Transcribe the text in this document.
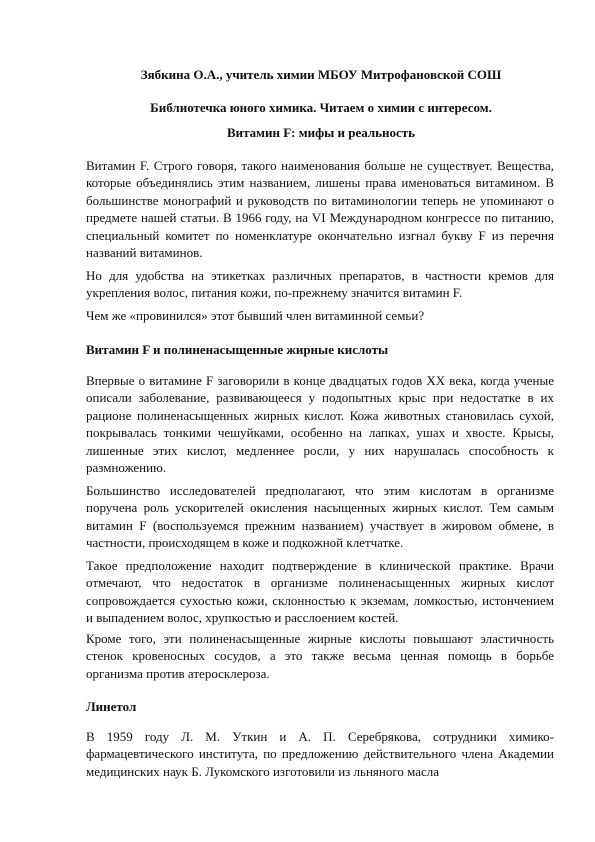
Зябкина О.А., учитель химии МБОУ Митрофановской СОШ
Библиотечка юного химика. Читаем о химии с интересом.
Витамин F: мифы и реальность

Витамин F. Строго говоря, такого наименования больше не существует. Вещества, которые объединялись этим названием, лишены права именоваться витамином. В большинстве монографий и руководств по витаминологии теперь не упоминают о предмете нашей статьи. В 1966 году, на VI Международном конгрессе по питанию, специальный комитет по номенклатуре окончательно изгнал букву F из перечня названий витаминов.

Но для удобства на этикетках различных препаратов, в частности кремов для укрепления волос, питания кожи, по-прежнему значится витамин F.

Чем же «провинился» этот бывший член витаминной семьи?

Витамин F и полиненасыщенные жирные кислоты

Впервые о витамине F заговорили в конце двадцатых годов XX века, когда ученые описали заболевание, развивающееся у подопытных крыс при недостатке в их рационе полиненасыщенных жирных кислот. Кожа животных становилась сухой, покрывалась тонкими чешуйками, особенно на лапках, ушах и хвосте. Крысы, лишенные этих кислот, медленнее росли, у них нарушалась способность к размножению.

Большинство исследователей предполагают, что этим кислотам в организме поручена роль ускорителей окисления насыщенных жирных кислот. Тем самым витамин F (воспользуемся прежним названием) участвует в жировом обмене, в частности, происходящем в коже и подкожной клетчатке.

Такое предположение находит подтверждение в клинической практике. Врачи отмечают, что недостаток в организме полиненасыщенных жирных кислот сопровождается сухостью кожи, склонностью к экземам, ломкостью, истончением и выпадением волос, хрупкостью и расслоением костей.

Кроме того, эти полиненасыщенные жирные кислоты повышают эластичность стенок кровеносных сосудов, а это также весьма ценная помощь в борьбе организма против атеросклероза.

Линетол

В 1959 году Л. М. Уткин и А. П. Серебрякова, сотрудники химико-фармацевтического института, по предложению действительного члена Академии медицинских наук Б. Лукомского изготовили из льняного масла
